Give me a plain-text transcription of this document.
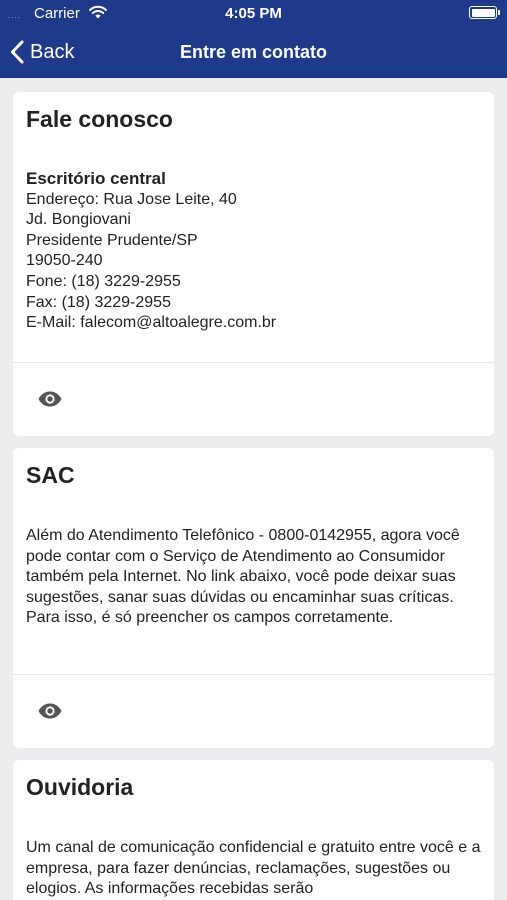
.... Carrier	4:05 PM
Back	Entre em contato
Fale conosco
Escritório central
Endereço: Rua Jose Leite, 40
Jd. Bongiovani
Presidente Prudente/SP
19050-240
Fone: (18) 3229-2955
Fax: (18) 3229-2955
E-Mail: falecom@altoalegre.com.br
SAC
Além do Atendimento Telefônico - 0800-0142955, agora você pode contar com o Serviço de Atendimento ao Consumidor também pela Internet. No link abaixo, você pode deixar suas sugestões, sanar suas dúvidas ou encaminhar suas críticas. Para isso, é só preencher os campos corretamente.
Ouvidoria
Um canal de comunicação confidencial e gratuito entre você e a empresa, para fazer denúncias, reclamações, sugestões ou elogios. As informações recebidas serão
